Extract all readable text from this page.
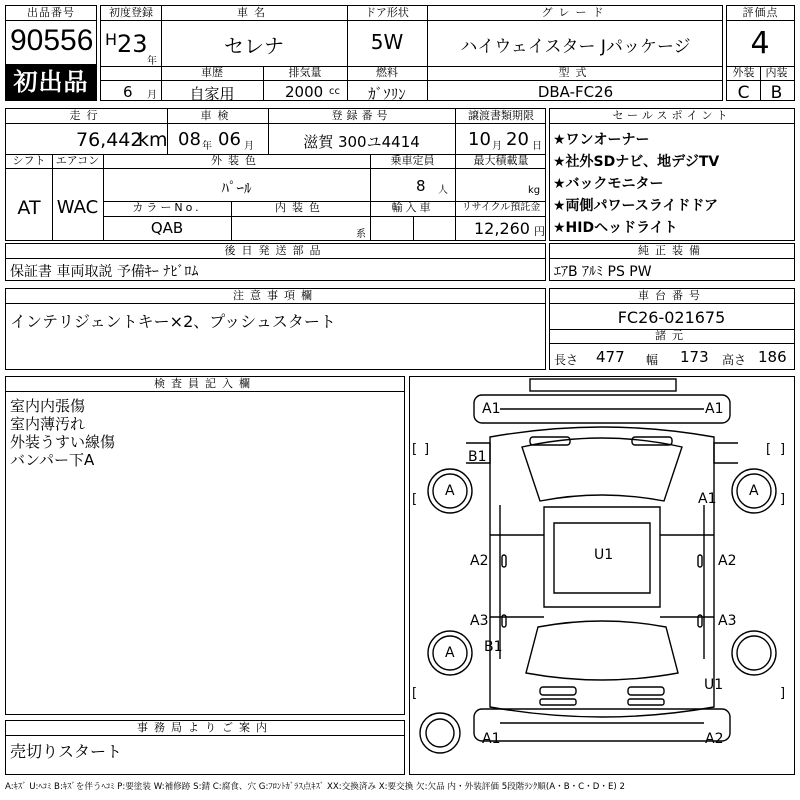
出品番号
90556
初出品
初度登録	車名	ドア形状	グレード
H 23
年
セレナ	5W	ハイウェイスター Jパッケージ
車歴	排気量	燃料	型式
6 月	自家用	2000 cc	ｶﾞｿﾘﾝ	DBA-FC26
評価点
4
外装	内装
C	B
走行	車検	登録番号	譲渡書類期限
76,442
km 08 年 06 月	滋賀 300ユ4414	10 月 20 日
シフト エアコン	外装色	乗車定員	最大積載量
AT WAC
ﾊﾟｰﾙ	8 人	kg
カラーNo.	内装色	輸入車	リサイクル預託金
QAB	系	12,260 円
セールスポイント
★ワンオーナー
★社外SDナビ、地デジTV
★バックモニター
★両側パワースライドドア
★HIDヘッドライト
後日発送部品
保証書 車両取説 予備ｷｰ ﾅﾋﾞﾛﾑ
純正装備
ｴｱB ｱﾙﾐ PS PW
注意事項欄
インテリジェントキー×2、プッシュスタート
車台番号
FC26-021675
諸元
長さ 477 幅 173 高さ 186
検査員記入欄
室内内張傷
室内薄汚れ
外装うすい線傷
バンパー下A
事務局よりご案内
売切りスタート
[ ]	[ ]
[	]
[	]
A1	A1
B1
A	A
A1
A2	U1	A2
A3	A3
A B1
U1
A1	A2
A:ｷｽﾞ U:ﾍｺﾐ B:ｷｽﾞを伴うﾍｺﾐ P:要塗装 W:補修跡 S:錆 C:腐食、穴 G:ﾌﾛﾝﾄｶﾞﾗｽ点ｷｽﾞ XX:交換済み X:要交換 欠:欠品 内・外装評価 5段階ﾗﾝｸ順(A・B・C・D・E) 2
